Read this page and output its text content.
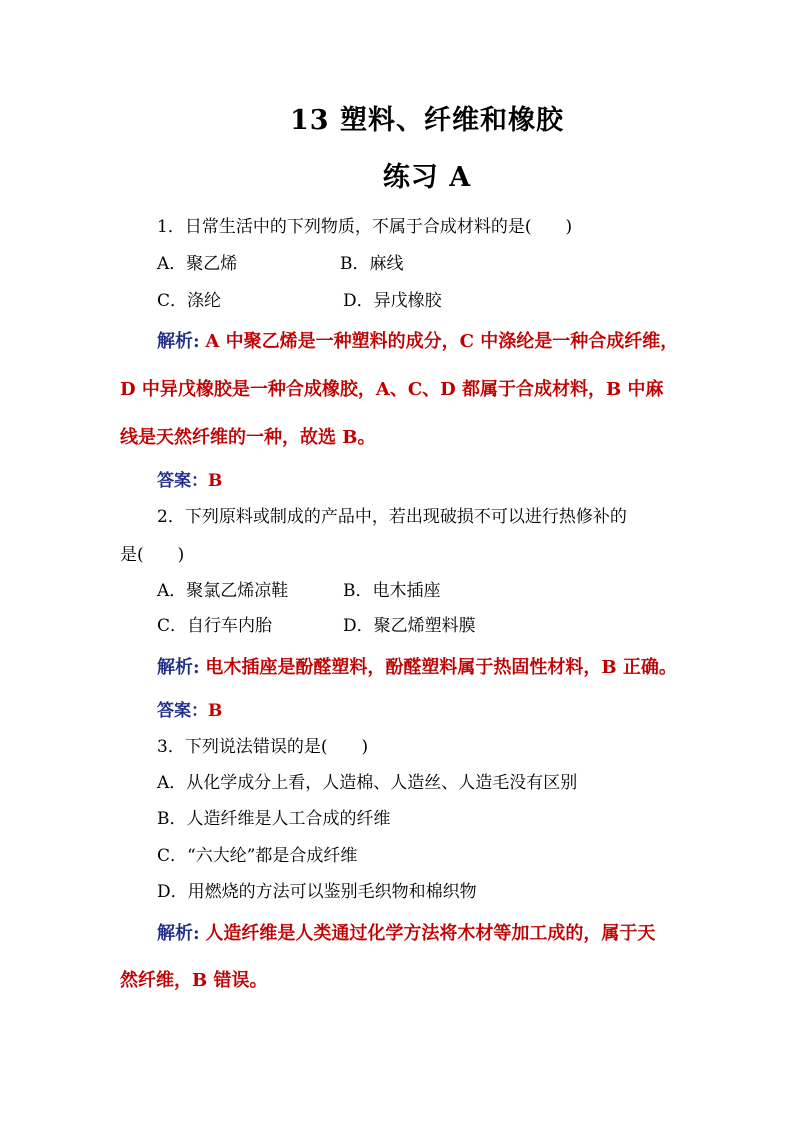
13 塑料、纤维和橡胶
练习 A
1．日常生活中的下列物质，不属于合成材料的是(　　)
A．聚乙烯	B．麻线
C．涤纶	D．异戊橡胶
解析: A 中聚乙烯是一种塑料的成分，C 中涤纶是一种合成纤维，
D 中异戊橡胶是一种合成橡胶，A、C、D 都属于合成材料，B 中麻
线是天然纤维的一种，故选 B。
答案：B
2．下列原料或制成的产品中，若出现破损不可以进行热修补的
是(　　)
A．聚氯乙烯凉鞋	B．电木插座
C．自行车内胎	D．聚乙烯塑料膜
解析: 电木插座是酚醛塑料，酚醛塑料属于热固性材料，B 正确。
答案：B
3．下列说法错误的是(　　)
A．从化学成分上看，人造棉、人造丝、人造毛没有区别
B．人造纤维是人工合成的纤维
C．“六大纶”都是合成纤维
D．用燃烧的方法可以鉴别毛织物和棉织物
解析: 人造纤维是人类通过化学方法将木材等加工成的，属于天
然纤维，B 错误。
